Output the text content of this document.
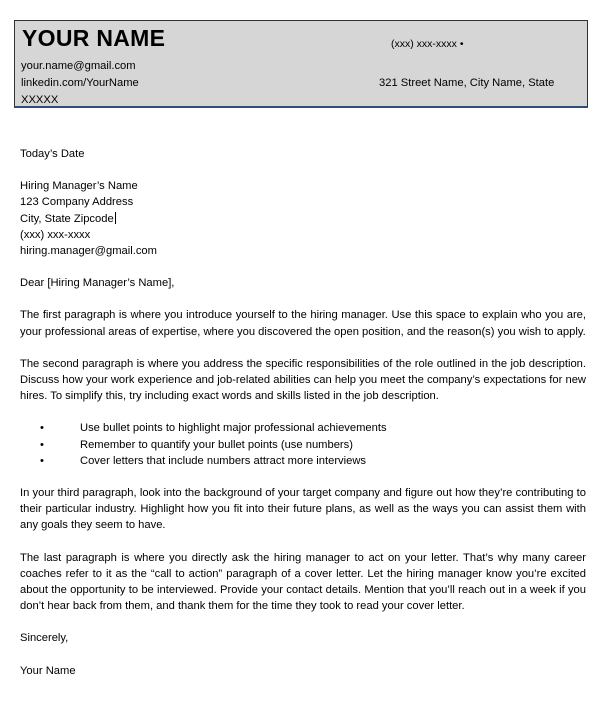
YOUR NAME	(xxx) xxx-xxxx •
your.name@gmail.com
linkedin.com/YourName	321 Street Name, City Name, State
XXXXX

Today’s Date

Hiring Manager’s Name
123 Company Address
City, State Zipcode
(xxx) xxx-xxxx
hiring.manager@gmail.com

Dear [Hiring Manager’s Name],

The first paragraph is where you introduce yourself to the hiring manager. Use this space to explain who you are, your professional areas of expertise, where you discovered the open position, and the reason(s) you wish to apply.

The second paragraph is where you address the specific responsibilities of the role outlined in the job description. Discuss how your work experience and job-related abilities can help you meet the company’s expectations for new hires. To simplify this, try including exact words and skills listed in the job description.

•	Use bullet points to highlight major professional achievements
•	Remember to quantify your bullet points (use numbers)
•	Cover letters that include numbers attract more interviews

In your third paragraph, look into the background of your target company and figure out how they’re contributing to their particular industry. Highlight how you fit into their future plans, as well as the ways you can assist them with any goals they seem to have.

The last paragraph is where you directly ask the hiring manager to act on your letter. That’s why many career coaches refer to it as the “call to action” paragraph of a cover letter. Let the hiring manager know you’re excited about the opportunity to be interviewed. Provide your contact details. Mention that you’ll reach out in a week if you don’t hear back from them, and thank them for the time they took to read your cover letter.

Sincerely,

Your Name
